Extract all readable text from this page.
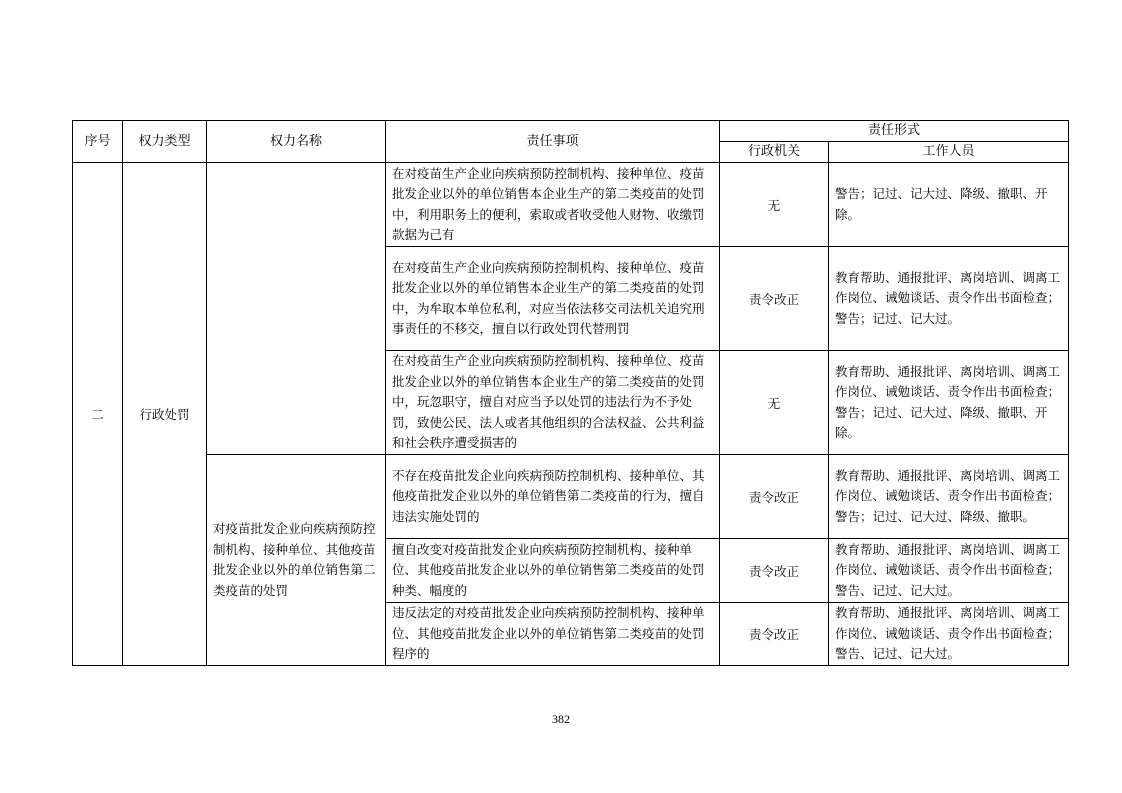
序号	权力类型	权力名称	责任事项	责任形式	
				行政机关	工作人员
二	行政处罚		在对疫苗生产企业向疾病预防控制机构、接种单位、疫苗批发企业以外的单位销售本企业生产的第二类疫苗的处罚中，利用职务上的便利，索取或者收受他人财物、收缴罚款据为己有	无	警告；记过、记大过、降级、撤职、开除。
			在对疫苗生产企业向疾病预防控制机构、接种单位、疫苗批发企业以外的单位销售本企业生产的第二类疫苗的处罚中，为牟取本单位私利，对应当依法移交司法机关追究刑事责任的不移交，擅自以行政处罚代替刑罚	责令改正	教育帮助、通报批评、离岗培训、调离工作岗位、诫勉谈话、责令作出书面检查；警告；记过、记大过。
			在对疫苗生产企业向疾病预防控制机构、接种单位、疫苗批发企业以外的单位销售本企业生产的第二类疫苗的处罚中，玩忽职守，擅自对应当予以处罚的违法行为不予处罚，致使公民、法人或者其他组织的合法权益、公共利益和社会秩序遭受损害的	无	教育帮助、通报批评、离岗培训、调离工作岗位、诫勉谈话、责令作出书面检查；警告；记过、记大过、降级、撤职、开除。
		对疫苗批发企业向疾病预防控制机构、接种单位、其他疫苗批发企业以外的单位销售第二类疫苗的处罚	不存在疫苗批发企业向疾病预防控制机构、接种单位、其他疫苗批发企业以外的单位销售第二类疫苗的行为，擅自违法实施处罚的	责令改正	教育帮助、通报批评、离岗培训、调离工作岗位、诫勉谈话、责令作出书面检查；警告；记过、记大过、降级、撤职。
			擅自改变对疫苗批发企业向疾病预防控制机构、接种单位、其他疫苗批发企业以外的单位销售第二类疫苗的处罚种类、幅度的	责令改正	教育帮助、通报批评、离岗培训、调离工作岗位、诫勉谈话、责令作出书面检查；警告、记过、记大过。
			违反法定的对疫苗批发企业向疾病预防控制机构、接种单位、其他疫苗批发企业以外的单位销售第二类疫苗的处罚程序的	责令改正	教育帮助、通报批评、离岗培训、调离工作岗位、诫勉谈话、责令作出书面检查；警告、记过、记大过。
382
